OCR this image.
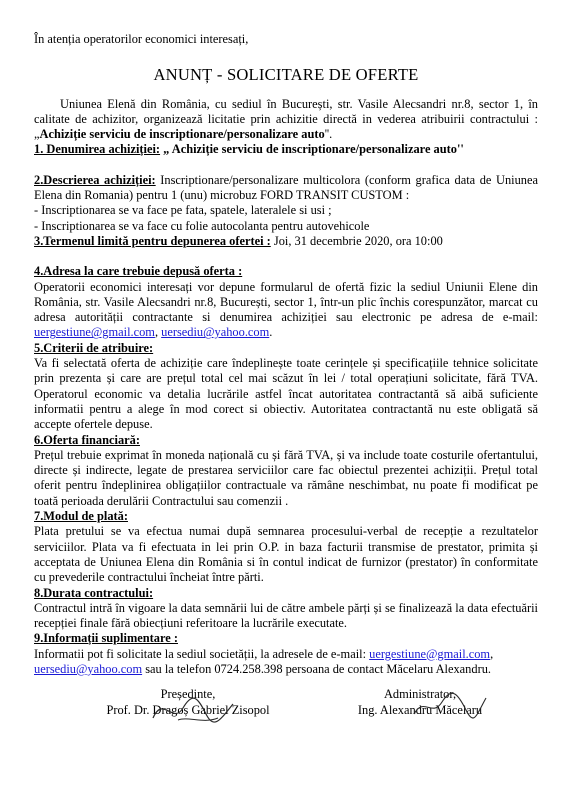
În atenția operatorilor economici interesați,

ANUNȚ - SOLICITARE DE OFERTE

Uniunea Elenă din România, cu sediul în București, str. Vasile Alecsandri nr.8, sector 1, în calitate de achizitor, organizează licitatie prin achizitie directă in vederea atribuirii contractului : „Achiziție serviciu de inscriptionare/personalizare auto''.

1. Denumirea achiziției: „ Achiziție serviciu de inscriptionare/personalizare auto''

2.Descrierea achiziției: Inscriptionare/personalizare multicolora (conform grafica data de Uniunea Elena din Romania) pentru 1 (unu) microbuz FORD TRANSIT CUSTOM :

- Inscriptionarea se va face pe fata, spatele, lateralele si usi ;

- Inscriptionarea se va face cu folie autocolanta pentru autovehicole

3.Termenul limită pentru depunerea ofertei : Joi, 31 decembrie 2020, ora 10:00

4.Adresa la care trebuie depusă oferta :

Operatorii economici interesați vor depune formularul de ofertă fizic la sediul Uniunii Elene din România, str. Vasile Alecsandri nr.8, București, sector 1, într-un plic închis corespunzător, marcat cu adresa autorității contractante si denumirea achiziției sau electronic pe adresa de e-mail: uergestiune@gmail.com, uersediu@yahoo.com.

5.Criterii de atribuire:

Va fi selectată oferta de achiziție care îndeplinește toate cerințele și specificațiile tehnice solicitate prin prezenta și care are prețul total cel mai scăzut în lei / total operațiuni solicitate, fără TVA. Operatorul economic va detalia lucrările astfel încat autoritatea contractantă să aibă suficiente informatii pentru a alege în mod corect si obiectiv. Autoritatea contractantă nu este obligată să accepte ofertele depuse.

6.Oferta financiară:

Prețul trebuie exprimat în moneda națională cu și fără TVA, și va include toate costurile ofertantului, directe și indirecte, legate de prestarea serviciilor care fac obiectul prezentei achiziții. Prețul total oferit pentru îndeplinirea obligațiilor contractuale va rămâne neschimbat, nu poate fi modificat pe toată perioada derulării Contractului sau comenzii .

7.Modul de plată:

Plata pretului se va efectua numai după semnarea procesului-verbal de recepție a rezultatelor serviciilor. Plata va fi efectuata in lei prin O.P. in baza facturii transmise de prestator, primita și acceptata de Uniunea Elena din România si în contul indicat de furnizor (prestator) în conformitate cu prevederile contractului încheiat între părti.

8.Durata contractului:

Contractul intră în vigoare la data semnării lui de către ambele părți și se finalizează la data efectuării recepției finale fără obiecțiuni referitoare la lucrările executate.

9.Informații suplimentare :

Informatii pot fi solicitate la sediul societății, la adresele de e-mail: uergestiune@gmail.com,
uersediu@yahoo.com sau la telefon 0724.258.398 persoana de contact Măcelaru Alexandru.

Președinte,
Prof. Dr. Dragoș Gabriel Zisopol
Administrator,
Ing. Alexandru Măcelaru
